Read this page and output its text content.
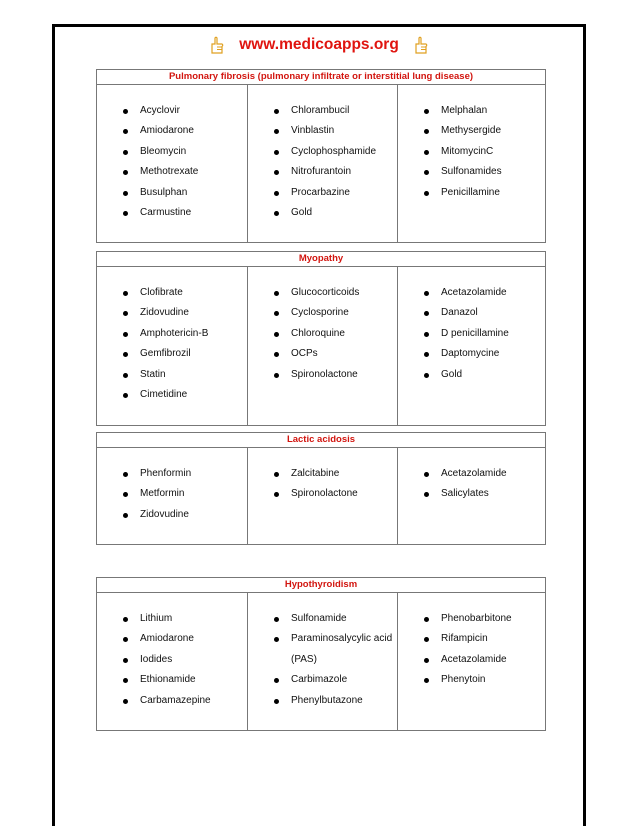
www.medicoapps.org
Pulmonary fibrosis (pulmonary infiltrate or interstitial lung disease)
Acyclovir
Amiodarone
Bleomycin
Methotrexate
Busulphan
Carmustine
Chlorambucil
Vinblastin
Cyclophosphamide
Nitrofurantoin
Procarbazine
Gold
Melphalan
Methysergide
MitomycinC
Sulfonamides
Penicillamine
Myopathy
Clofibrate
Zidovudine
Amphotericin-B
Gemfibrozil
Statin
Cimetidine
Glucocorticoids
Cyclosporine
Chloroquine
OCPs
Spironolactone
Acetazolamide
Danazol
D penicillamine
Daptomycine
Gold
Lactic acidosis
Phenformin
Metformin
Zidovudine
Zalcitabine
Spironolactone
Acetazolamide
Salicylates
Hypothyroidism
Lithium
Amiodarone
Iodides
Ethionamide
Carbamazepine
Sulfonamide
Paraminosalycylic acid
(PAS)
Carbimazole
Phenylbutazone
Phenobarbitone
Rifampicin
Acetazolamide
Phenytoin
